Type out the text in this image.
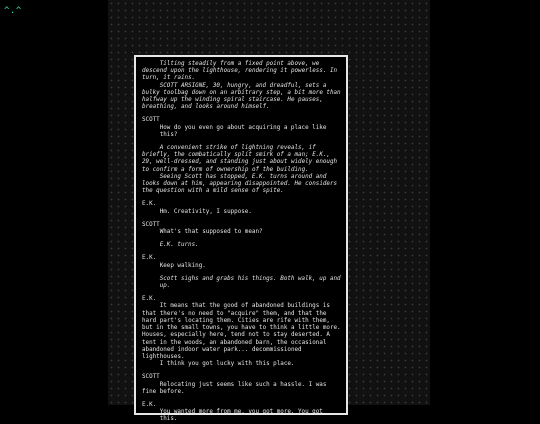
^.^

Tilting steadily from a fixed point above, we descend upon the lighthouse, rendering it powerless. In turn, it rains.

SCOTT ARSIGNE, 30, hungry, and dreadful, sets a bulky toolbag down on an arbitrary step, a bit more than halfway up the winding spiral staircase. He pauses, breathing, and looks around himself.

SCOTT

How do you even go about acquiring a place like this?

A convenient strike of lightning reveals, if briefly, the combatically split smirk of a man; E.K., 29, well-dressed, and standing just about widely enough to confirm a form of ownership of the building.

Seeing Scott has stopped, E.K. turns around and looks down at him, appearing disappointed. He considers the question with a mild sense of spite.

E.K.

Hm. Creativity, I suppose.

SCOTT

What's that supposed to mean?

E.K. turns.

E.K.

Keep walking.

Scott sighs and grabs his things. Both walk, up and up.

E.K.

It means that the good of abandoned buildings is that there's no need to "acquire" them, and that the hard part's locating them. Cities are rife with them, but in the small towns, you have to think a little more. Houses, especially here, tend not to stay deserted. A tent in the woods, an abandoned barn, the occasional abandoned indoor water park... decommissioned lighthouses.

I think you got lucky with this place.

SCOTT

Relocating just seems like such a hassle. I was fine before.

E.K.

You wanted more from me, you got more. You got this.
